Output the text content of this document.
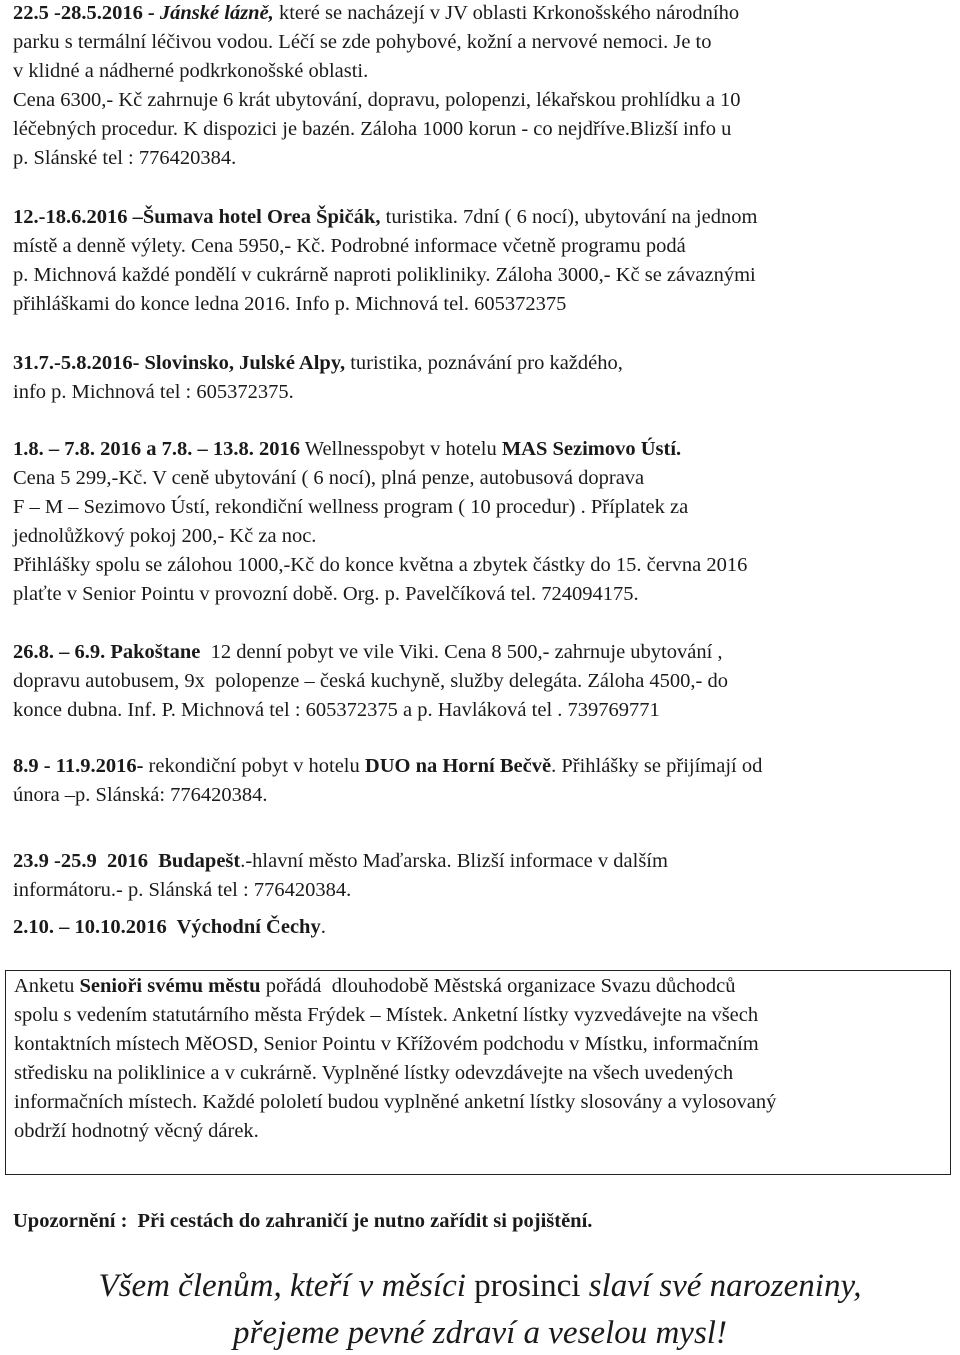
22.5 -28.5.2016 - Jánské lázně, které se nacházejí v JV oblasti Krkonošského národního
parku s termální léčivou vodou. Léčí se zde pohybové, kožní a nervové nemoci. Je to
v klidné a nádherné podkrkonošské oblasti.
Cena 6300,- Kč zahrnuje 6 krát ubytování, dopravu, polopenzi, lékařskou prohlídku a 10
léčebných procedur. K dispozici je bazén. Záloha 1000 korun - co nejdříve.Blizší info u
p. Slánské tel : 776420384.
12.-18.6.2016 –Šumava hotel Orea Špičák, turistika. 7dní ( 6 nocí), ubytování na jednom
místě a denně výlety. Cena 5950,- Kč. Podrobné informace včetně programu podá
p. Michnová každé pondělí v cukrárně naproti polikliniky. Záloha 3000,- Kč se závaznými
přihláškami do konce ledna 2016. Info p. Michnová tel. 605372375
31.7.-5.8.2016- Slovinsko, Julské Alpy, turistika, poznávání pro každého,
info p. Michnová tel : 605372375.
1.8. – 7.8. 2016 a 7.8. – 13.8. 2016 Wellnesspobyt v hotelu MAS Sezimovo Ústí.
Cena 5 299,-Kč. V ceně ubytování ( 6 nocí), plná penze, autobusová doprava
F – M – Sezimovo Ústí, rekondiční wellness program ( 10 procedur) . Příplatek za
jednolůžkový pokoj 200,- Kč za noc.
Přihlášky spolu se zálohou 1000,-Kč do konce května a zbytek částky do 15. června 2016
plaťte v Senior Pointu v provozní době. Org. p. Pavelčíková tel. 724094175.
26.8. – 6.9. Pakoštane  12 denní pobyt ve vile Viki. Cena 8 500,- zahrnuje ubytování ,
dopravu autobusem, 9x  polopenze – česká kuchyně, služby delegáta. Záloha 4500,- do
konce dubna. Inf. P. Michnová tel : 605372375 a p. Havláková tel . 739769771
8.9 - 11.9.2016- rekondiční pobyt v hotelu DUO na Horní Bečvě. Přihlášky se přijímají od
února –p. Slánská: 776420384.
23.9 -25.9  2016  Budapešt.-hlavní město Maďarska. Blizší informace v dalším
informátoru.- p. Slánská tel : 776420384.
2.10. – 10.10.2016  Východní Čechy.
Anketu Senioři svému městu pořádá  dlouhodobě Městská organizace Svazu důchodců
spolu s vedením statutárního města Frýdek – Místek. Anketní lístky vyzvedávejte na všech
kontaktních místech MěOSD, Senior Pointu v Křížovém podchodu v Místku, informačním
středisku na poliklinice a v cukrárně. Vyplněné lístky odevzdávejte na všech uvedených
informačních místech. Každé pololetí budou vyplněné anketní lístky slosovány a vylosovaný
obdrží hodnotný věcný dárek.
Upozornění : Při cestách do zahraničí je nutno zařídit si pojištění.
Všem členům, kteří v měsíci prosinci slaví své narozeniny,
přejeme pevné zdraví a veselou mysl!
